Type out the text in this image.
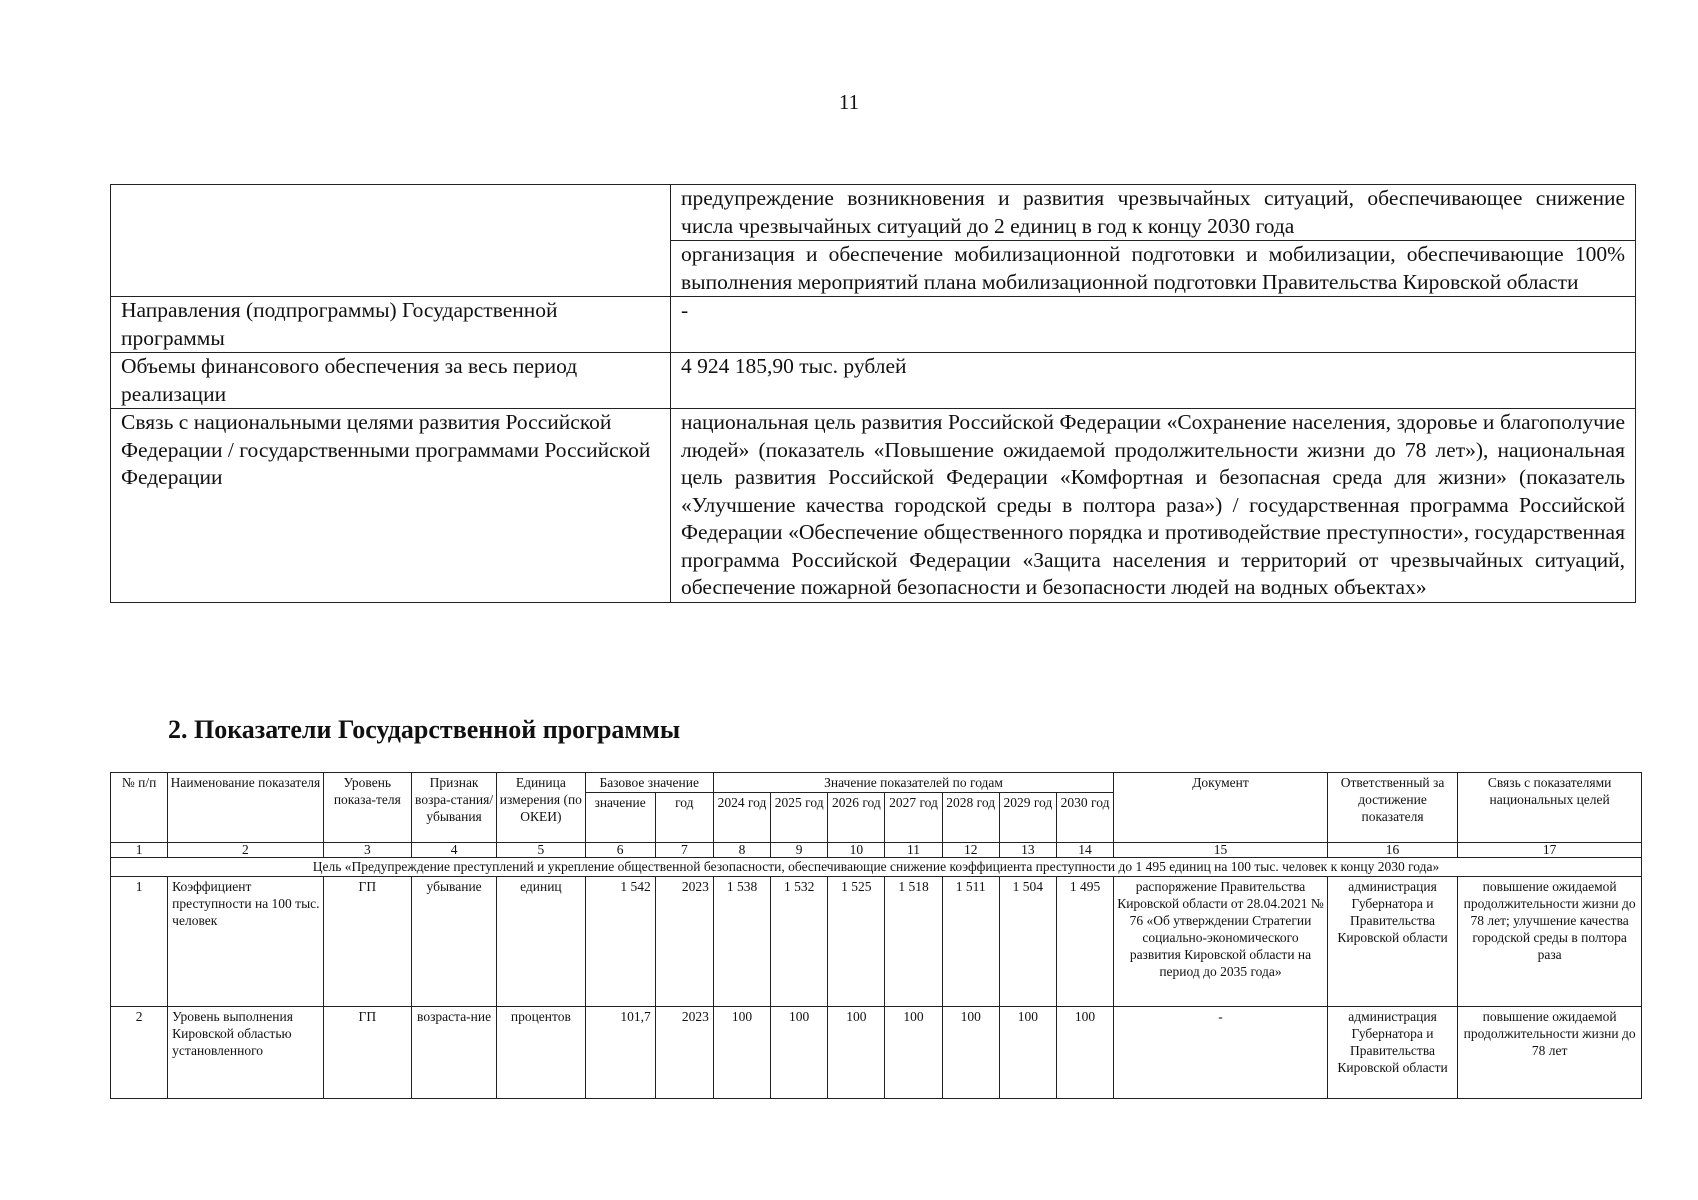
11
	предупреждение возникновения и развития чрезвычайных ситуаций, обеспечивающее снижение числа чрезвычайных ситуаций до 2 единиц в год к концу 2030 года
	организация и обеспечение мобилизационной подготовки и мобилизации, обеспечивающие 100% выполнения мероприятий плана мобилизационной подготовки Правительства Кировской области
Направления (подпрограммы) Государственной программы	-
Объемы финансового обеспечения за весь период реализации	4 924 185,90 тыс. рублей
Связь с национальными целями развития Российской Федерации / государственными программами Российской Федерации	национальная цель развития Российской Федерации «Сохранение населения, здоровье и благополучие людей» (показатель «Повышение ожидаемой продолжительности жизни до 78 лет»), национальная цель развития Российской Федерации «Комфортная и безопасная среда для жизни» (показатель «Улучшение качества городской среды в полтора раза») / государственная программа Российской Федерации «Обеспечение общественного порядка и противодействие преступности», государственная программа Российской Федерации «Защита населения и территорий от чрезвычайных ситуаций, обеспечение пожарной безопасности и безопасности людей на водных объектах»
2. Показатели Государственной программы
№ п/п	Наименование показателя	Уровень показа-теля	Признак возра-стания/ убывания	Единица измерения (по ОКЕИ)	Базовое значение		Значение показателей по годам							Документ	Ответственный за достижение показателя	Связь с показателями национальных целей
					значение	год	2024 год	2025 год	2026 год	2027 год	2028 год	2029 год	2030 год			
1	2	3	4	5	6	7	8	9	10	11	12	13	14	15	16	17
Цель «Предупреждение преступлений и укрепление общественной безопасности, обеспечивающие снижение коэффициента преступности до 1 495 единиц на 100 тыс. человек к концу 2030 года»																
1	Коэффициент преступности на 100 тыс. человек	ГП	убывание	единиц	1 542	2023	1 538	1 532	1 525	1 518	1 511	1 504	1 495	распоряжение Правительства Кировской области от 28.04.2021 № 76 «Об утверждении Стратегии социально-экономического развития Кировской области на период до 2035 года»	администрация Губернатора и Правительства Кировской области	повышение ожидаемой продолжительности жизни до 78 лет; улучшение качества городской среды в полтора раза
2	Уровень выполнения Кировской областью установленного	ГП	возраста-ние	процентов	101,7	2023	100	100	100	100	100	100	100	-	администрация Губернатора и Правительства Кировской области	повышение ожидаемой продолжительности жизни до 78 лет
